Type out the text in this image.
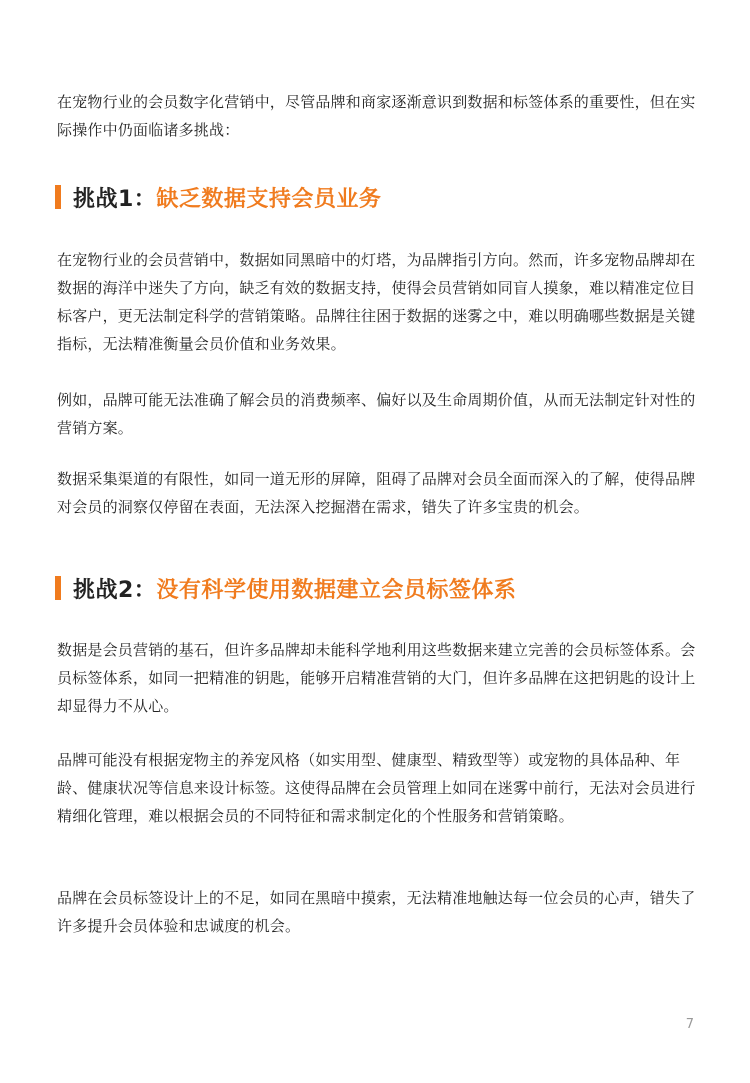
在宠物行业的会员数字化营销中，尽管品牌和商家逐渐意识到数据和标签体系的重要性，但在实际操作中仍面临诸多挑战：

挑战1：缺乏数据支持会员业务

在宠物行业的会员营销中，数据如同黑暗中的灯塔，为品牌指引方向。然而，许多宠物品牌却在数据的海洋中迷失了方向，缺乏有效的数据支持，使得会员营销如同盲人摸象，难以精准定位目标客户，更无法制定科学的营销策略。品牌往往困于数据的迷雾之中，难以明确哪些数据是关键指标，无法精准衡量会员价值和业务效果。

例如，品牌可能无法准确了解会员的消费频率、偏好以及生命周期价值，从而无法制定针对性的营销方案。

数据采集渠道的有限性，如同一道无形的屏障，阻碍了品牌对会员全面而深入的了解，使得品牌对会员的洞察仅停留在表面，无法深入挖掘潜在需求，错失了许多宝贵的机会。

挑战2：没有科学使用数据建立会员标签体系

数据是会员营销的基石，但许多品牌却未能科学地利用这些数据来建立完善的会员标签体系。会员标签体系，如同一把精准的钥匙，能够开启精准营销的大门，但许多品牌在这把钥匙的设计上却显得力不从心。

品牌可能没有根据宠物主的养宠风格（如实用型、健康型、精致型等）或宠物的具体品种、年龄、健康状况等信息来设计标签。这使得品牌在会员管理上如同在迷雾中前行，无法对会员进行精细化管理，难以根据会员的不同特征和需求制定化的个性服务和营销策略。

品牌在会员标签设计上的不足，如同在黑暗中摸索，无法精准地触达每一位会员的心声，错失了许多提升会员体验和忠诚度的机会。

7
